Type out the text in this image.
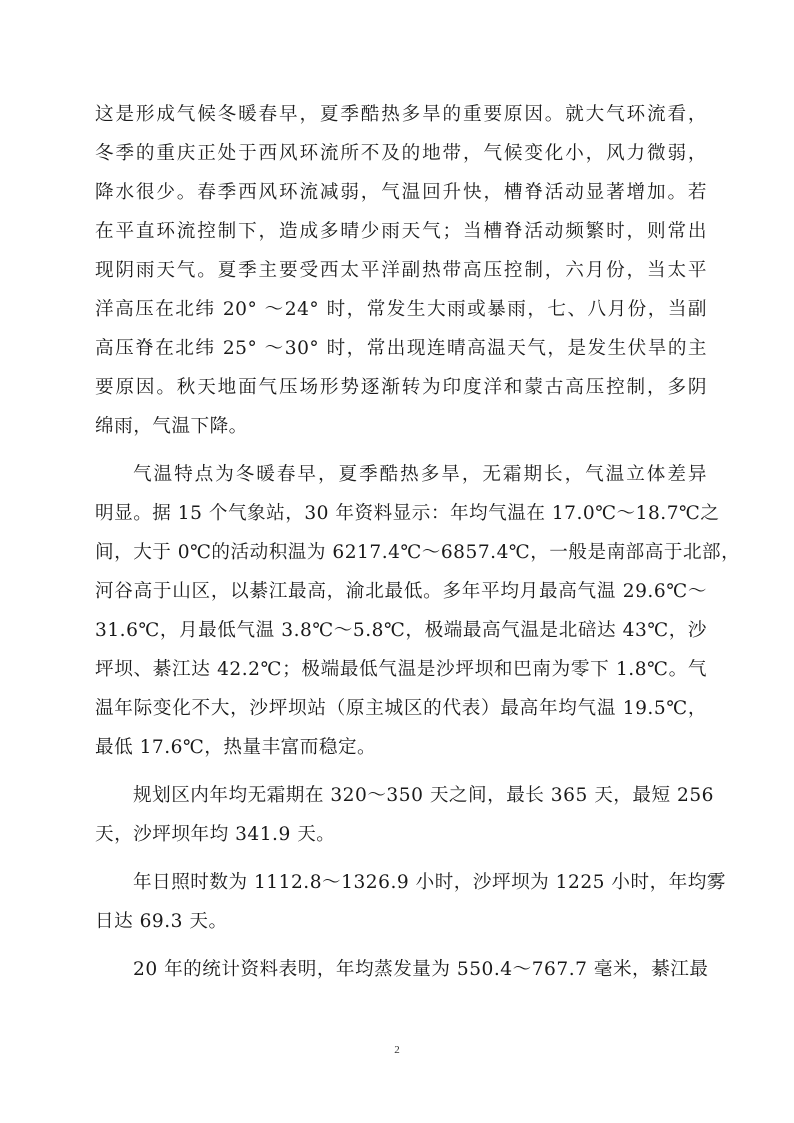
这是形成气候冬暖春早，夏季酷热多旱的重要原因。就大气环流看，
冬季的重庆正处于西风环流所不及的地带，气候变化小，风力微弱，
降水很少。春季西风环流减弱，气温回升快，槽脊活动显著增加。若
在平直环流控制下，造成多晴少雨天气；当槽脊活动频繁时，则常出
现阴雨天气。夏季主要受西太平洋副热带高压控制，六月份，当太平
洋高压在北纬 20° ～24° 时，常发生大雨或暴雨，七、八月份，当副
高压脊在北纬 25° ～30° 时，常出现连晴高温天气，是发生伏旱的主
要原因。秋天地面气压场形势逐渐转为印度洋和蒙古高压控制，多阴
绵雨，气温下降。
气温特点为冬暖春早，夏季酷热多旱，无霜期长，气温立体差异
明显。据 15 个气象站，30 年资料显示：年均气温在 17.0℃～18.7℃之
间，大于 0℃的活动积温为 6217.4℃～6857.4℃，一般是南部高于北部，
河谷高于山区，以綦江最高，渝北最低。多年平均月最高气温 29.6℃～
31.6℃，月最低气温 3.8℃～5.8℃，极端最高气温是北碚达 43℃，沙
坪坝、綦江达 42.2℃；极端最低气温是沙坪坝和巴南为零下 1.8℃。气
温年际变化不大，沙坪坝站（原主城区的代表）最高年均气温 19.5℃，
最低 17.6℃，热量丰富而稳定。
规划区内年均无霜期在 320～350 天之间，最长 365 天，最短 256
天，沙坪坝年均 341.9 天。
年日照时数为 1112.8～1326.9 小时，沙坪坝为 1225 小时，年均雾
日达 69.3 天。
20 年的统计资料表明，年均蒸发量为 550.4～767.7 毫米，綦江最
2
